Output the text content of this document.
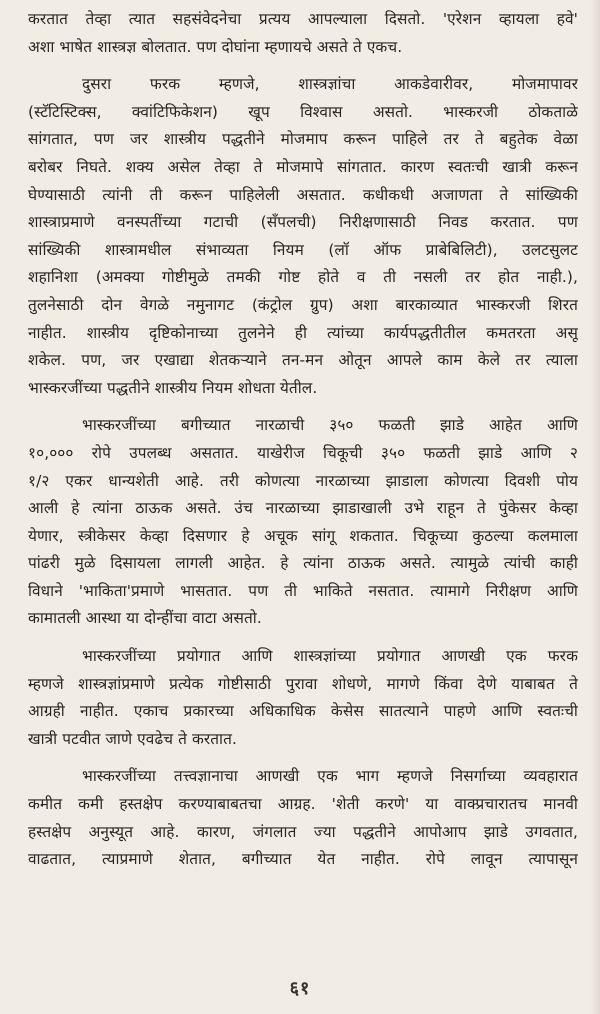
करतात तेव्हा त्यात सहसंवेदनेचा प्रत्यय आपल्याला दिसतो. 'एरेशन व्हायला हवे'
अशा भाषेत शास्त्रज्ञ बोलतात. पण दोघांना म्हणायचे असते ते एकच.
दुसरा फरक म्हणजे, शास्त्रज्ञांचा आकडेवारीवर, मोजमापावर
(स्टॅटिस्टिक्स, क्वांटिफिकेशन) खूप विश्वास असतो. भास्करजी ठोकताळे
सांगतात, पण जर शास्त्रीय पद्धतीने मोजमाप करून पाहिले तर ते बहुतेक वेळा
बरोबर निघते. शक्य असेल तेव्हा ते मोजमापे सांगतात. कारण स्वतःची खात्री करून
घेण्यासाठी त्यांनी ती करून पाहिलेली असतात. कधीकधी अजाणता ते सांख्यिकी
शास्त्राप्रमाणे वनस्पतींच्या गटाची (सॅंपलची) निरीक्षणासाठी निवड करतात. पण
सांख्यिकी शास्त्रामधील संभाव्यता नियम (लॉ ऑफ प्राबेबिलिटी), उलटसुलट
शहानिशा (अमक्या गोष्टीमुळे तमकी गोष्ट होते व ती नसली तर होत नाही.),
तुलनेसाठी दोन वेगळे नमुनागट (कंट्रोल ग्रुप) अशा बारकाव्यात भास्करजी शिरत
नाहीत. शास्त्रीय दृष्टिकोनाच्या तुलनेने ही त्यांच्या कार्यपद्धतीतील कमतरता असू
शकेल. पण, जर एखाद्या शेतकऱ्याने तन-मन ओतून आपले काम केले तर त्याला
भास्करजींच्या पद्धतीने शास्त्रीय नियम शोधता येतील.
भास्करजींच्या बगीच्यात नारळाची ३५० फळती झाडे आहेत आणि
१०,००० रोपे उपलब्ध असतात. याखेरीज चिकूची ३५० फळती झाडे आणि २
१/२ एकर धान्यशेती आहे. तरी कोणत्या नारळाच्या झाडाला कोणत्या दिवशी पोय
आली हे त्यांना ठाऊक असते. उंच नारळाच्या झाडाखाली उभे राहून ते पुंकेसर केव्हा
येणार, स्त्रीकेसर केव्हा दिसणार हे अचूक सांगू शकतात. चिकूच्या कुठल्या कलमाला
पांढरी मुळे दिसायला लागली आहेत. हे त्यांना ठाऊक असते. त्यामुळे त्यांची काही
विधाने 'भाकिता'प्रमाणे भासतात. पण ती भाकिते नसतात. त्यामागे निरीक्षण आणि
कामातली आस्था या दोन्हींचा वाटा असतो.
भास्करजींच्या प्रयोगात आणि शास्त्रज्ञांच्या प्रयोगात आणखी एक फरक
म्हणजे शास्त्रज्ञांप्रमाणे प्रत्येक गोष्टीसाठी पुरावा शोधणे, मागणे किंवा देणे याबाबत ते
आग्रही नाहीत. एकाच प्रकारच्या अधिकाधिक केसेस सातत्याने पाहणे आणि स्वतःची
खात्री पटवीत जाणे एवढेच ते करतात.
भास्करजींच्या तत्त्वज्ञानाचा आणखी एक भाग म्हणजे निसर्गाच्या व्यवहारात
कमीत कमी हस्तक्षेप करण्याबाबतचा आग्रह. 'शेती करणे' या वाक्प्रचारातच मानवी
हस्तक्षेप अनुस्यूत आहे. कारण, जंगलात ज्या पद्धतीने आपोआप झाडे उगवतात,
वाढतात, त्याप्रमाणे शेतात, बगीच्यात येत नाहीत. रोपे लावून त्यापासून
६१
